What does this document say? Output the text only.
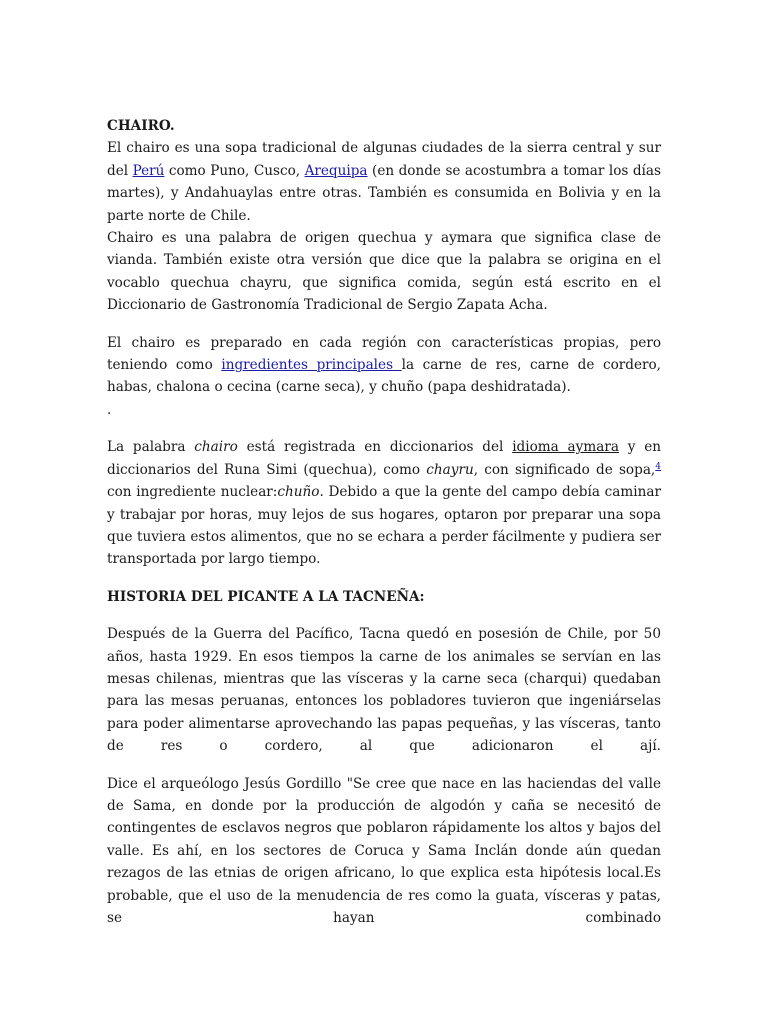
CHAIRO.

El chairo es una sopa tradicional de algunas ciudades de la sierra central y sur del Perú como Puno, Cusco, Arequipa (en donde se acostumbra a tomar los días martes), y Andahuaylas entre otras. También es consumida en Bolivia y en la parte norte de Chile.

Chairo es una palabra de origen quechua y aymara que significa clase de vianda. También existe otra versión que dice que la palabra se origina en el vocablo quechua chayru, que significa comida, según está escrito en el Diccionario de Gastronomía Tradicional de Sergio Zapata Acha.

El chairo es preparado en cada región con características propias, pero teniendo como ingredientes principales la carne de res, carne de cordero, habas, chalona o cecina (carne seca), y chuño (papa deshidratada).

.

La palabra chairo está registrada en diccionarios del idioma aymara y en diccionarios del Runa Simi (quechua), como chayru, con significado de sopa,$^4$ con ingrediente nuclear:chuño. Debido a que la gente del campo debía caminar y trabajar por horas, muy lejos de sus hogares, optaron por preparar una sopa que tuviera estos alimentos, que no se echara a perder fácilmente y pudiera ser transportada por largo tiempo.

HISTORIA DEL PICANTE A LA TACNEÑA:

Después de la Guerra del Pacífico, Tacna quedó en posesión de Chile, por 50 años, hasta 1929. En esos tiempos la carne de los animales se servían en las mesas chilenas, mientras que las vísceras y la carne seca (charqui) quedaban para las mesas peruanas, entonces los pobladores tuvieron que ingeniárselas para poder alimentarse aprovechando las papas pequeñas, y las vísceras, tanto de res o cordero, al que adicionaron el ají.

Dice el arqueólogo Jesús Gordillo "Se cree que nace en las haciendas del valle de Sama, en donde por la producción de algodón y caña se necesitó de contingentes de esclavos negros que poblaron rápidamente los altos y bajos del valle. Es ahí, en los sectores de Coruca y Sama Inclán donde aún quedan rezagos de las etnias de origen africano, lo que explica esta hipótesis local.Es probable, que el uso de la menudencia de res como la guata, vísceras y patas, se hayan combinado
